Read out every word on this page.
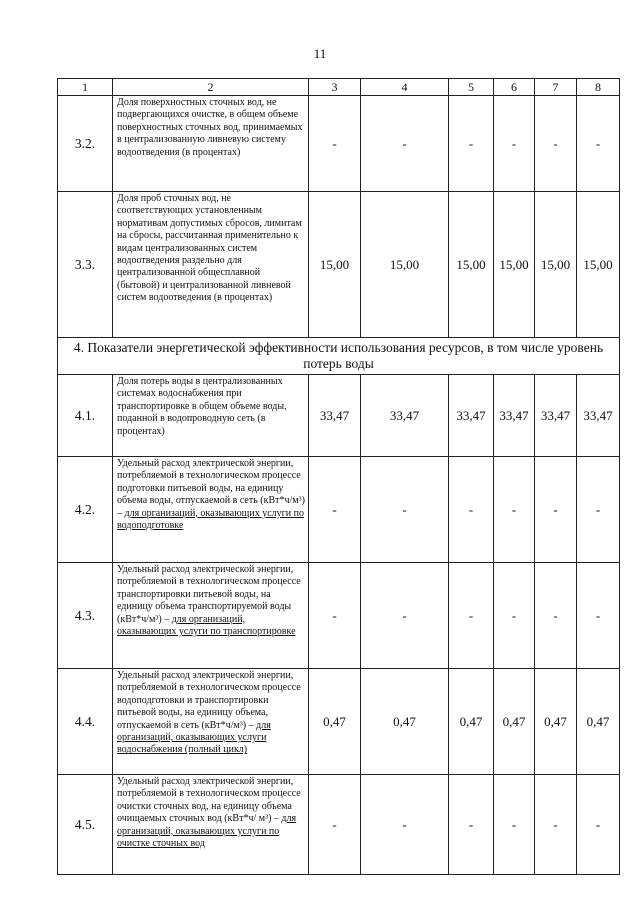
11
1	2	3	4	5	6	7	8
3.2.	Доля поверхностных сточных вод, не подвергающихся очистке, в общем объеме поверхностных сточных вод, принимаемых в централизованную ливневую систему водоотведения (в процентах)	-	-	-	-	-	-
3.3.	Доля проб сточных вод, не соответствующих установленным нормативам допустимых сбросов, лимитам на сбросы, рассчитанная применительно к видам централизованных систем водоотведения раздельно для централизованной общесплавной (бытовой) и централизованной ливневой систем водоотведения (в процентах)	15,00	15,00	15,00	15,00	15,00	15,00
4. Показатели энергетической эффективности использования ресурсов, в том числе уровень потерь воды							
4.1.	Доля потерь воды в централизованных системах водоснабжения при транспортировке в общем объеме воды, поданной в водопроводную сеть (в процентах)	33,47	33,47	33,47	33,47	33,47	33,47
4.2.	Удельный расход электрической энергии, потребляемой в технологическом процессе подготовки питьевой воды, на единицу объема воды, отпускаемой в сеть (кВт*ч/м³) – для организаций, оказывающих услуги по водоподготовке	-	-	-	-	-	-
4.3.	Удельный расход электрической энергии, потребляемой в технологическом процессе транспортировки питьевой воды, на единицу объема транспортируемой воды (кВт*ч/м³) – для организаций, оказывающих услуги по транспортировке	-	-	-	-	-	-
4.4.	Удельный расход электрической энергии, потребляемой в технологическом процессе водоподготовки и транспортировки питьевой воды, на единицу объема, отпускаемой в сеть (кВт*ч/м³) – для организаций, оказывающих услуги водоснабжения (полный цикл)	0,47	0,47	0,47	0,47	0,47	0,47
4.5.	Удельный расход электрической энергии, потребляемой в технологическом процессе очистки сточных вод, на единицу объема очищаемых сточных вод (кВт*ч/ м³) – для организаций, оказывающих услуги по очистке сточных вод	-	-	-	-	-	-
